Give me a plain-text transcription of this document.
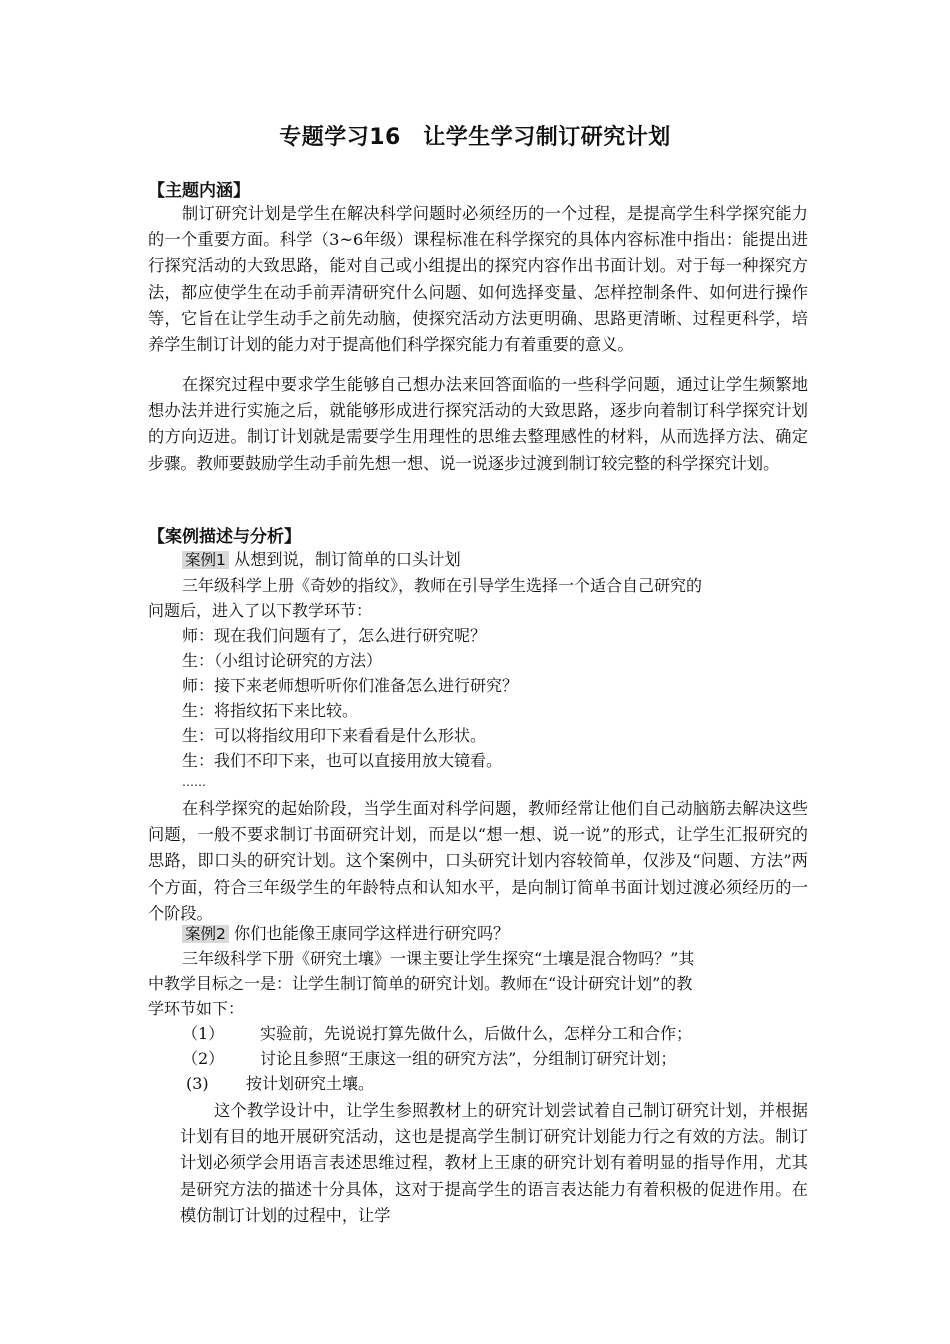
专题学习16　让学生学习制订研究计划
【主题内涵】

制订研究计划是学生在解决科学问题时必须经历的一个过程，是提高学生科学探究能力的一个重要方面。科学（3~6年级）课程标准在科学探究的具体内容标准中指出：能提出进行探究活动的大致思路，能对自己或小组提出的探究内容作出书面计划。对于每一种探究方法，都应使学生在动手前弄清研究什么问题、如何选择变量、怎样控制条件、如何进行操作等，它旨在让学生动手之前先动脑，使探究活动方法更明确、思路更清晰、过程更科学，培养学生制订计划的能力对于提高他们科学探究能力有着重要的意义。

在探究过程中要求学生能够自己想办法来回答面临的一些科学问题，通过让学生频繁地想办法并进行实施之后，就能够形成进行探究活动的大致思路，逐步向着制订科学探究计划的方向迈进。制订计划就是需要学生用理性的思维去整理感性的材料，从而选择方法、确定步骤。教师要鼓励学生动手前先想一想、说一说逐步过渡到制订较完整的科学探究计划。

【案例描述与分析】
案例1 从想到说，制订简单的口头计划
三年级科学上册《奇妙的指纹》，教师在引导学生选择一个适合自己研究的
问题后，进入了以下教学环节：
师：现在我们问题有了，怎么进行研究呢？
生：（小组讨论研究的方法）
师：接下来老师想听听你们准备怎么进行研究？
生：将指纹拓下来比较。
生：可以将指纹用印下来看看是什么形状。
生：我们不印下来，也可以直接用放大镜看。
……

在科学探究的起始阶段，当学生面对科学问题，教师经常让他们自己动脑筋去解决这些问题，一般不要求制订书面研究计划，而是以“想一想、说一说”的形式，让学生汇报研究的思路，即口头的研究计划。这个案例中，口头研究计划内容较简单，仅涉及“问题、方法”两个方面，符合三年级学生的年龄特点和认知水平，是向制订简单书面计划过渡必须经历的一个阶段。

案例2 你们也能像王康同学这样进行研究吗？
三年级科学下册《研究土壤》一课主要让学生探究“土壤是混合物吗？”其
中教学目标之一是：让学生制订简单的研究计划。教师在“设计研究计划”的教
学环节如下：
（1） 实验前，先说说打算先做什么，后做什么，怎样分工和合作；
（2） 讨论且参照“王康这一组的研究方法”，分组制订研究计划；
(3) 按计划研究土壤。

这个教学设计中，让学生参照教材上的研究计划尝试着自己制订研究计划，并根据计划有目的地开展研究活动，这也是提高学生制订研究计划能力行之有效的方法。制订计划必须学会用语言表述思维过程，教材上王康的研究计划有着明显的指导作用，尤其是研究方法的描述十分具体，这对于提高学生的语言表达能力有着积极的促进作用。在模仿制订计划的过程中，让学
